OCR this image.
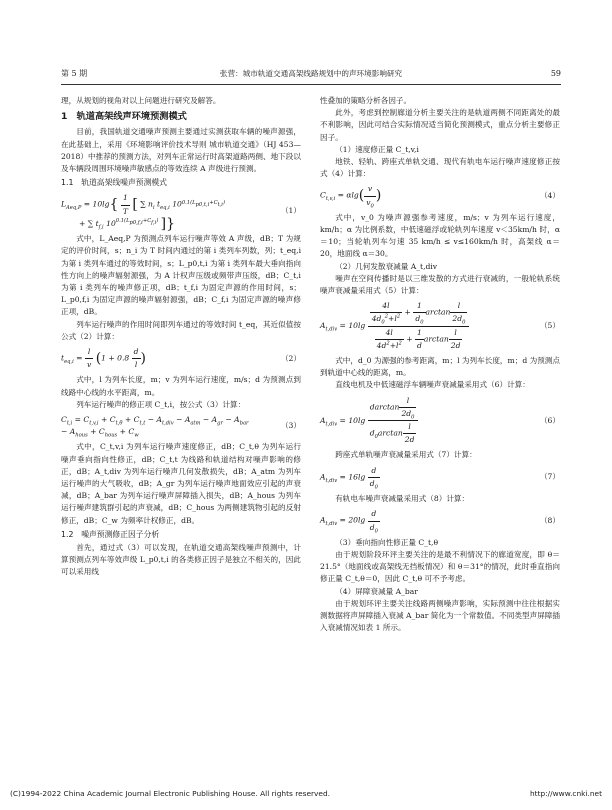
第 5 期	张营：城市轨道交通高架线路规划中的声环境影响研究	59

理，从规划的视角对以上问题进行研究及解答。

1　轨道高架线声环境预测模式

目前，我国轨道交通噪声预测主要通过实测获取车辆的噪声源强，在此基础上，采用《环境影响评价技术导则 城市轨道交通》（HJ 453—2018）中推荐的预测方法，对列车正常运行时高架道路两侧、地下段以及车辆段周围环境噪声敏感点的等效连续 A 声级进行预测。

1.1　轨道高架线噪声预测模式
$L_{Aeq,P} = 10\lg\{ \frac{1}{T}$ [ ∑ $n_i$ $t_{eq,i}$ $10^{0.1(L_{p0,t,i}+C_{t,i})}$
+ ∑ $t_{f,i}$ $10^{0.1(L_{p0,f,i}+C_{f,i})}$ ]}
（1）

式中，L_Aeq,P 为预测点列车运行噪声等效 A 声级，dB；T 为规定的评价时间，s；n_i 为 T 时间内通过的第 i 类列车列数，列；t_eq,i 为第 i 类列车通过的等效时间，s；L_p0,t,i 为第 i 类列车最大垂向指向性方向上的噪声辐射源强，为 A 计权声压级或频带声压级，dB；C_t,i 为第 i 类列车的噪声修正项，dB；t_f,i 为固定声源的作用时间，s；L_p0,f,i 为固定声源的噪声辐射源强，dB；C_f,i 为固定声源的噪声修正项，dB。

列车运行噪声的作用时间即列车通过的等效时间 t_eq，其近似值按公式（2）计算：

$t_{eq,i} = \frac{l}{v} (1 + 0.8 \frac{d}{l}$ )	（2）

式中，l 为列车长度，m；v 为列车运行速度，m/s；d 为预测点到线路中心线的水平距离，m。

列车运行噪声的修正项 C_t,i，按公式（3）计算：

$C_{t,i} = C_{t,v,i} + C_{t,\theta} + C_{t,t} - A_{t,div} - A_{atm} - A_{gr} - A_{bar}$
− $A_{hous} + C_{hous} + C_w$
（3）

式中，C_t,v,i 为列车运行噪声速度修正，dB；C_t,θ 为列车运行噪声垂向指向性修正，dB；C_t,t 为线路和轨道结构对噪声影响的修正，dB；A_t,div 为列车运行噪声几何发散损失，dB；A_atm 为列车运行噪声的大气吸收，dB；A_gr 为列车运行噪声地面效应引起的声衰减，dB；A_bar 为列车运行噪声屏障插入损失，dB；A_hous 为列车运行噪声建筑群引起的声衰减，dB；C_hous 为两侧建筑物引起的反射修正，dB；C_w 为频率计权修正，dB。

1.2　噪声预测修正因子分析

首先，通过式（3）可以发现，在轨道交通高架线噪声预测中，计算预测点列车等效声级 L_p0,t,i 的各类修正因子是独立不相关的，因此可以采用线

性叠加的策略分析各因子。

此外，考虑到控制廊道分析主要关注的是轨道两侧不同距离处的最不利影响，因此可结合实际情况适当简化预测模式，重点分析主要修正因子。

（1）速度修正量 C_t,v,i

地铁、轻轨、跨座式单轨交通、现代有轨电车运行噪声速度修正按式（4）计算：

$C_{t,v,i} = \alpha\lg( \frac{v}{v_0}$ )	（4）

式中，v_0 为噪声源强参考速度，m/s；v 为列车运行速度，km/h；α 为比例系数，中低速磁浮或轮轨列车速度 v＜35km/h 时，α＝10；当轮轨列车匀速 35 km/h ≤ v≤160km/h 时，高架线 α＝20，地面线 α＝30。

（2）几何发散衰减量 A_t,div

噪声在空间传播时是以三维发散的方式进行衰减的，一般轮轨系统噪声衰减量采用式（5）计算：

$A_{t,div} = 10\lg \frac{\frac{4l}{4d_0^2+l^2} + \frac{1}{d_0} \arctan \frac{l}{2d_0}}{\frac{4l}{4d^2+l^2} + \frac{1}{d} \arctan \frac{l}{2d}}$	（5）

式中，d_0 为源强的参考距离，m；l 为列车长度，m；d 为预测点到轨道中心线的距离，m。

直线电机及中低速磁浮车辆噪声衰减量采用式（6）计算：

$A_{t,div} = 10\lg \frac{darctan \frac{l}{2d_0}}{d_0\arctan \frac{l}{2d}}$	（6）

跨座式单轨噪声衰减量采用式（7）计算：

$A_{t,div} = 16\lg \frac{d}{d_0}$	（7）

有轨电车噪声衰减量采用式（8）计算：

$A_{t,div} = 20\lg \frac{d}{d_0}$	（8）

（3）垂向指向性修正量 C_t,θ

由于规划阶段环评主要关注的是最不利情况下的廊道宽度，即 θ＝21.5°（地面线或高架线无挡板情况）和 θ＝31°的情况，此时垂直指向修正量 C_t,θ＝0，因此 C_t,θ 可不予考虑。

（4）屏障衰减量 A_bar

由于规划环评主要关注线路两侧噪声影响，实际预测中往往根据实测数据将声屏障插入衰减 A_bar 简化为一个常数值。不同类型声屏障插入衰减情况如表 1 所示。

(C)1994-2022 China Academic Journal Electronic Publishing House. All rights reserved.	http://www.cnki.net
